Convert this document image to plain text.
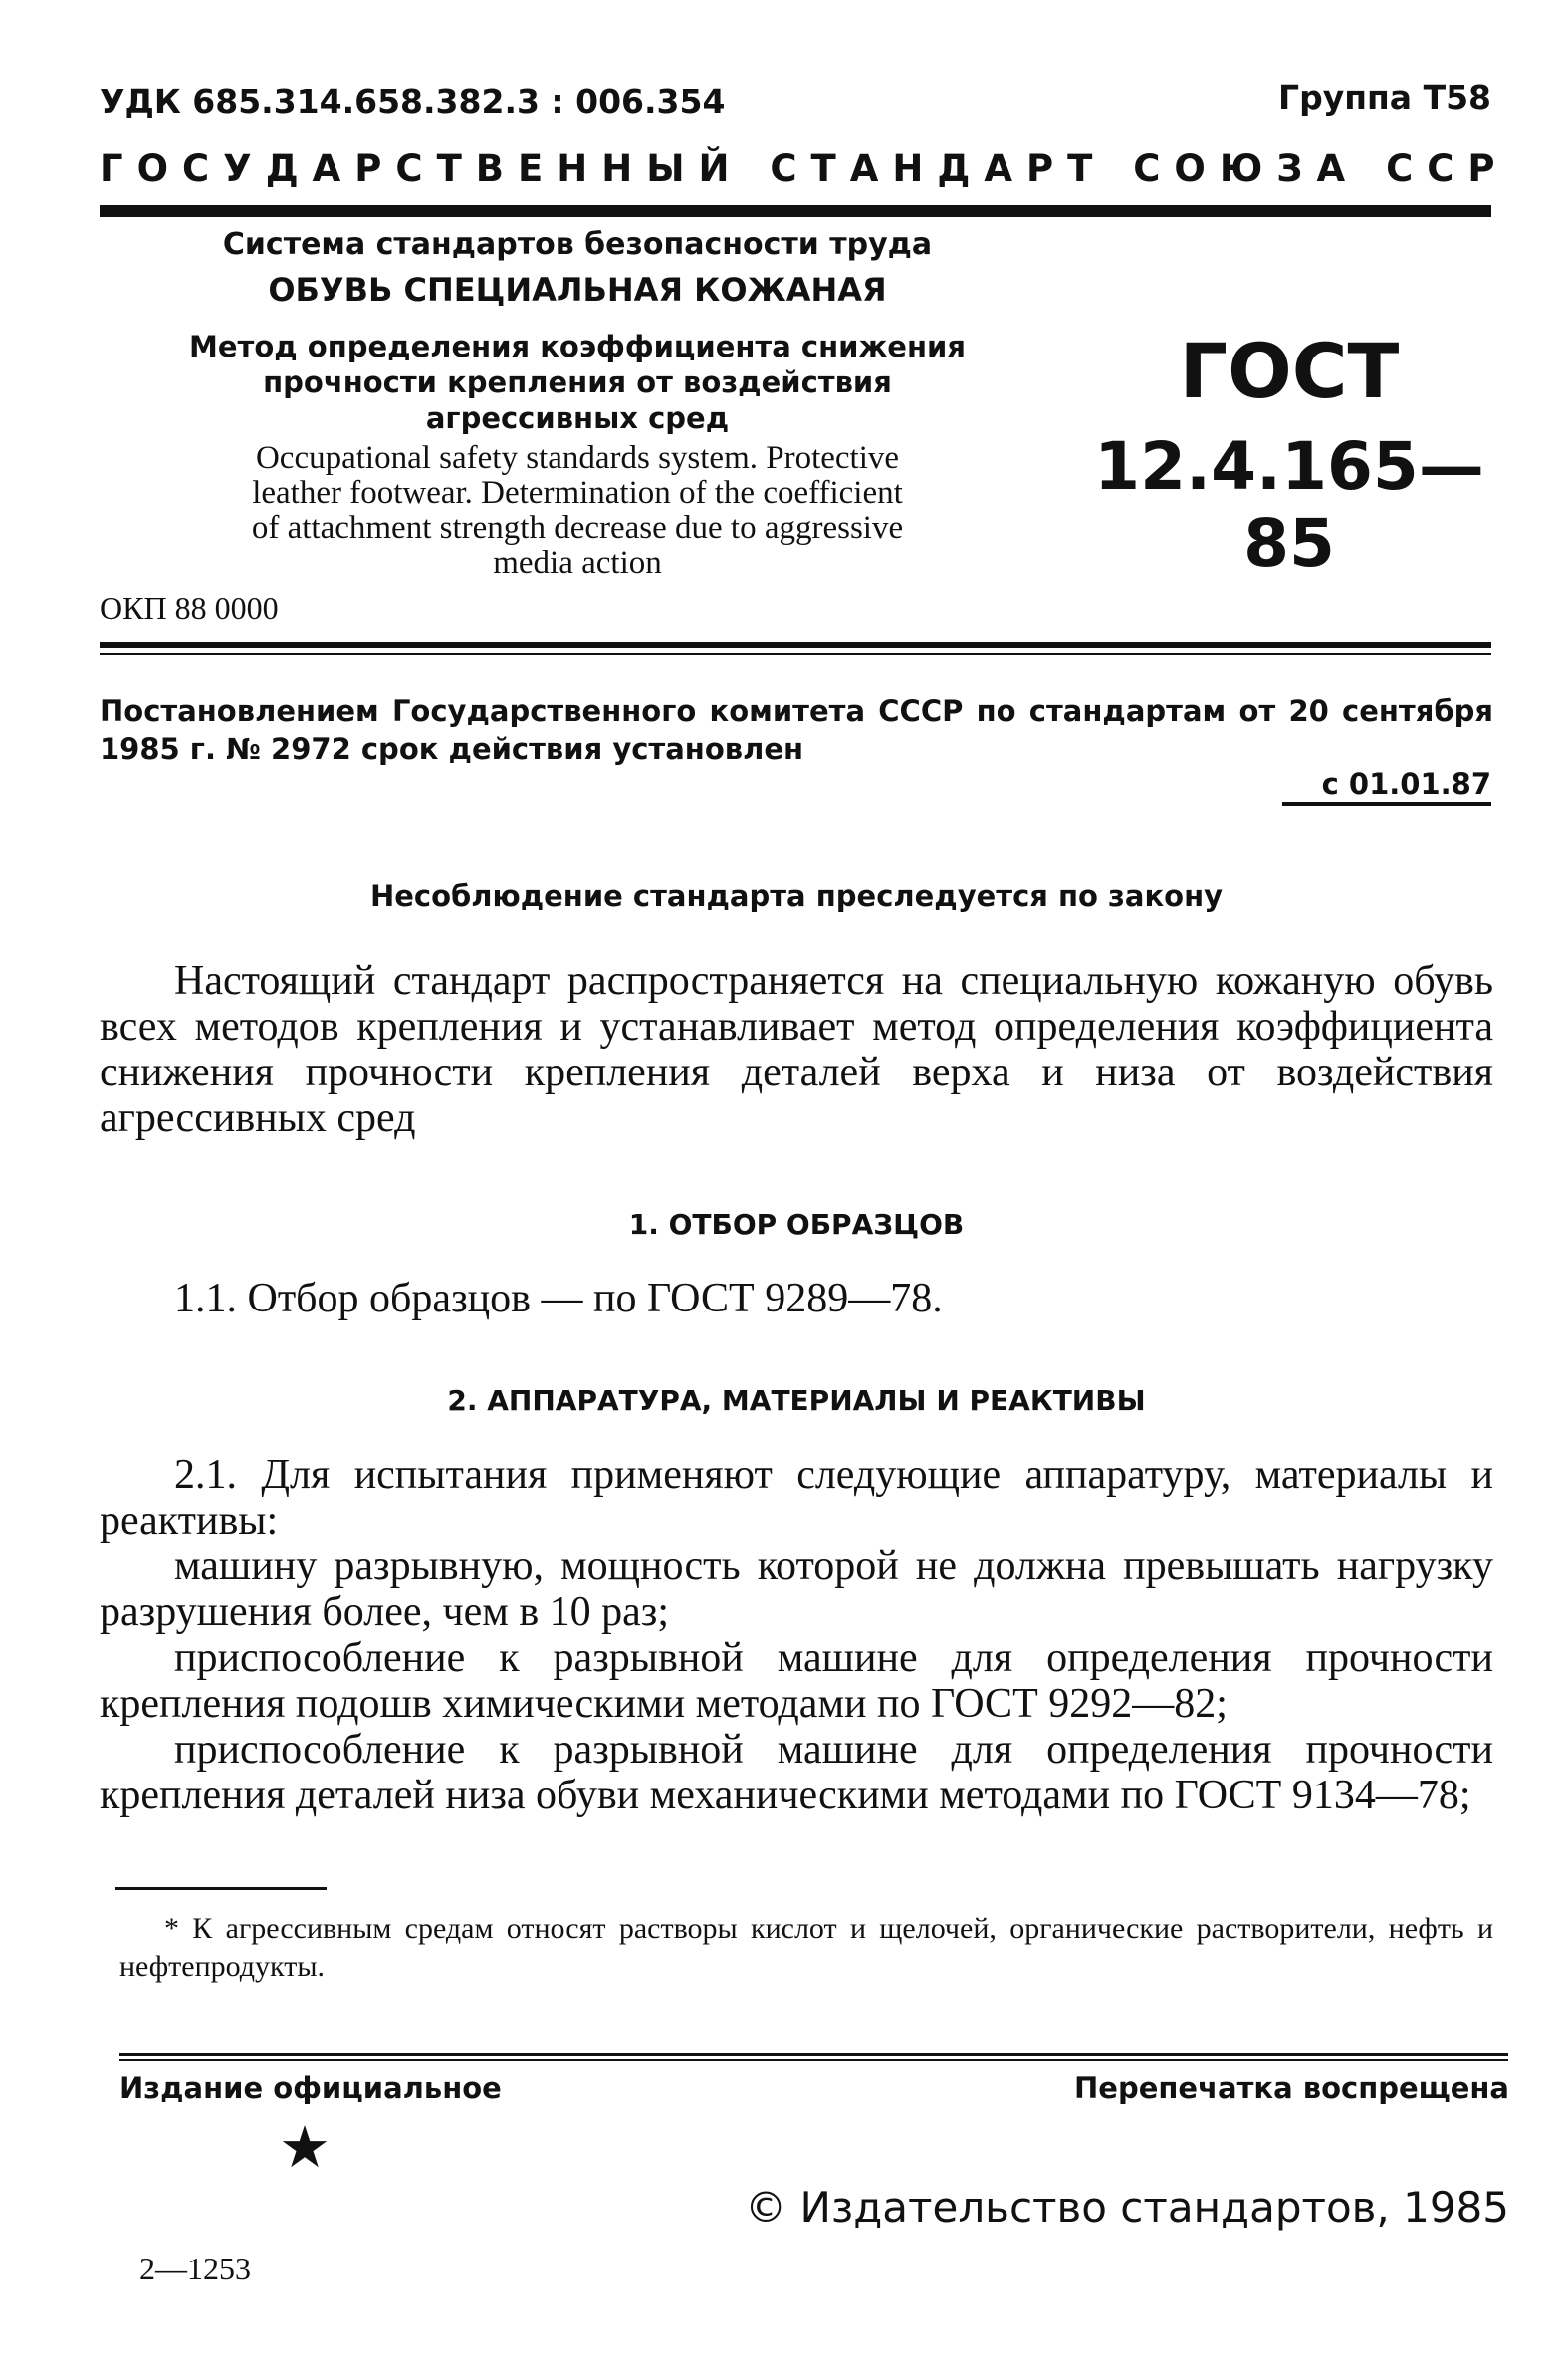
УДК 685.314.658.382.3 : 006.354	Группа Т58
ГОСУДАРСТВЕННЫЙ СТАНДАРТ СОЮЗА ССР
Система стандартов безопасности труда
ОБУВЬ СПЕЦИАЛЬНАЯ КОЖАНАЯ
Метод определения коэффициента снижения
прочности крепления от воздействия
агрессивных сред
Occupational safety standards system. Protective
leather footwear. Determination of the coefficient
of attachment strength decrease due to aggressive
media action
ОКП 88 0000
ГОСТ
12.4.165—85
Постановлением Государственного комитета СССР по стандартам от 20 сентября 1985 г. № 2972 срок действия установлен
с 01.01.87
Несоблюдение стандарта преследуется по закону
Настоящий стандарт распространяется на специальную кожаную обувь всех методов крепления и устанавливает метод определения коэффициента снижения прочности крепления деталей верха и низа от воздействия агрессивных сред
1. ОТБОР ОБРАЗЦОВ
1.1. Отбор образцов — по ГОСТ 9289—78.
2. АППАРАТУРА, МАТЕРИАЛЫ И РЕАКТИВЫ

2.1. Для испытания применяют следующие аппаратуру, материалы и реактивы:

машину разрывную, мощность которой не должна превышать нагрузку разрушения более, чем в 10 раз;

приспособление к разрывной машине для определения прочности крепления подошв химическими методами по ГОСТ 9292—82;

приспособление к разрывной машине для определения прочности крепления деталей низа обуви механическими методами по ГОСТ 9134—78;

* К агрессивным средам относят растворы кислот и щелочей, органические растворители, нефть и нефтепродукты.
Издание официальное	Перепечатка воспрещена
★
© Издательство стандартов, 1985
2—1253
